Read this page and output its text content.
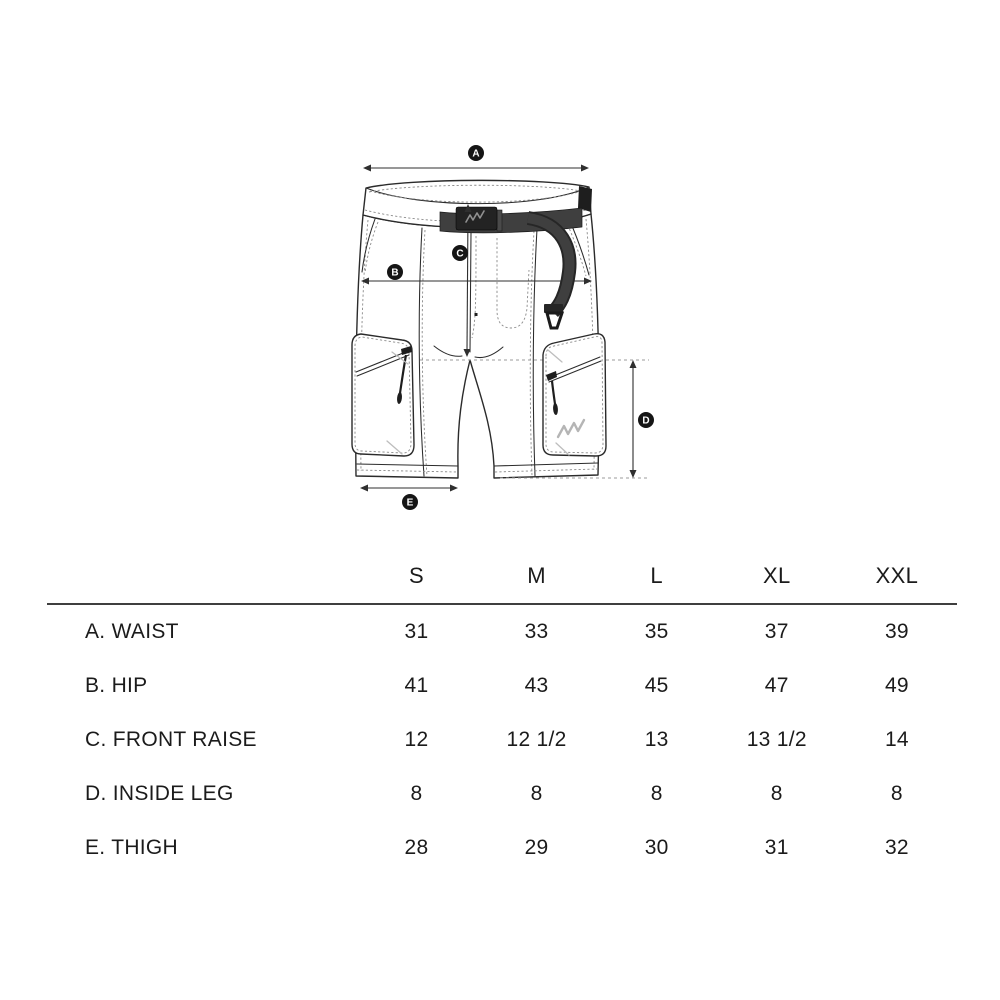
A
B
C
D
E
	S	M	L	XL	XXL
A. WAIST	31	33	35	37	39
B. HIP	41	43	45	47	49
C. FRONT RAISE	12	12 1/2	13	13 1/2	14
D. INSIDE LEG	8	8	8	8	8
E. THIGH	28	29	30	31	32
